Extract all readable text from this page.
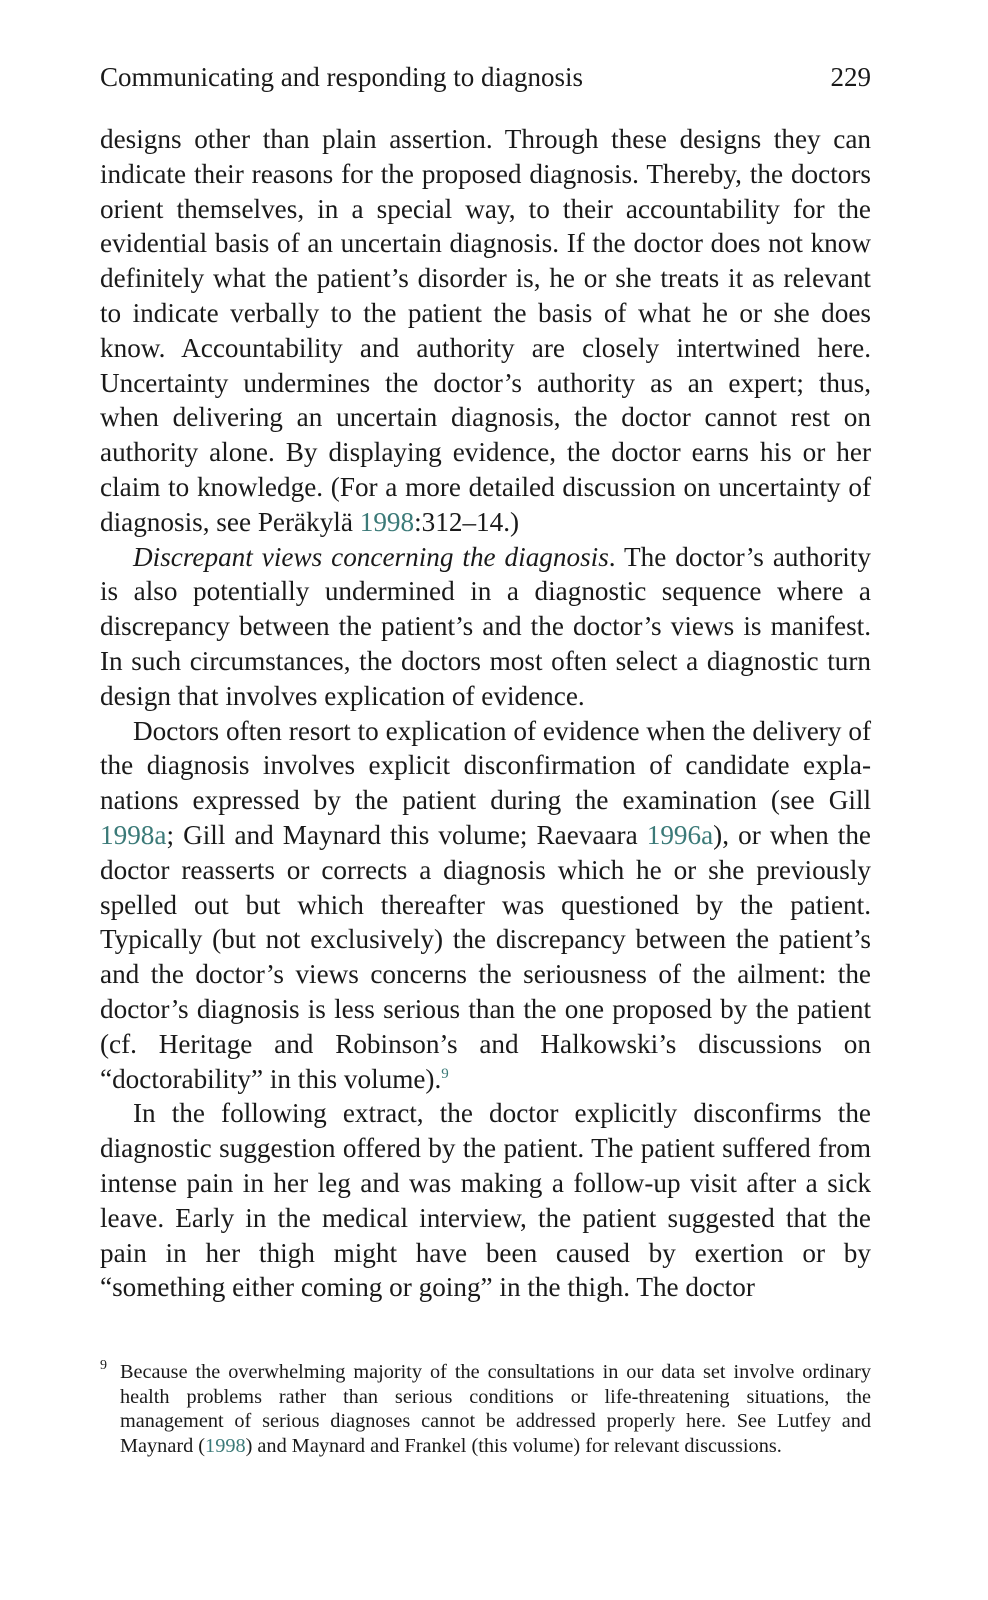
Communicating and responding to diagnosis	229

designs other than plain assertion. Through these designs they can indicate their reasons for the proposed diagnosis. Thereby, the doctors orient themselves, in a special way, to their accountability for the evidential basis of an uncertain diagnosis. If the doctor does not know definitely what the patient’s disorder is, he or she treats it as relevant to indicate verbally to the patient the basis of what he or she does know. Accountability and authority are closely intertwined here. Uncertainty undermines the doctor’s authority as an expert; thus, when delivering an uncertain diagnosis, the doctor cannot rest on authority alone. By displaying evidence, the doctor earns his or her claim to knowledge. (For a more detailed discussion on uncertainty of diagnosis, see Peräkylä 1998:312–14.)

Discrepant views concerning the diagnosis. The doctor’s authority is also potentially undermined in a diagnostic sequence where a discrepancy between the patient’s and the doctor’s views is manifest. In such circumstances, the doctors most often select a diagnostic turn design that involves explication of evidence.

Doctors often resort to explication of evidence when the delivery of the diagnosis involves explicit disconfirmation of candidate explanations expressed by the patient during the examination (see Gill 1998a; Gill and Maynard this volume; Raevaara 1996a), or when the doctor reasserts or corrects a diagnosis which he or she previously spelled out but which thereafter was questioned by the patient. Typically (but not exclusively) the discrepancy between the patient’s and the doctor’s views concerns the seriousness of the ailment: the doctor’s diagnosis is less serious than the one proposed by the patient (cf. Heritage and Robinson’s and Halkowski’s discussions on “doctorability” in this volume).$^9$

In the following extract, the doctor explicitly disconfirms the diagnostic suggestion offered by the patient. The patient suffered from intense pain in her leg and was making a follow-up visit after a sick leave. Early in the medical interview, the patient suggested that the pain in her thigh might have been caused by exertion or by “something either coming or going” in the thigh. The doctor

9 Because the overwhelming majority of the consultations in our data set involve ordinary health problems rather than serious conditions or life-threatening situations, the management of serious diagnoses cannot be addressed properly here. See Lutfey and Maynard (1998) and Maynard and Frankel (this volume) for relevant discussions.
